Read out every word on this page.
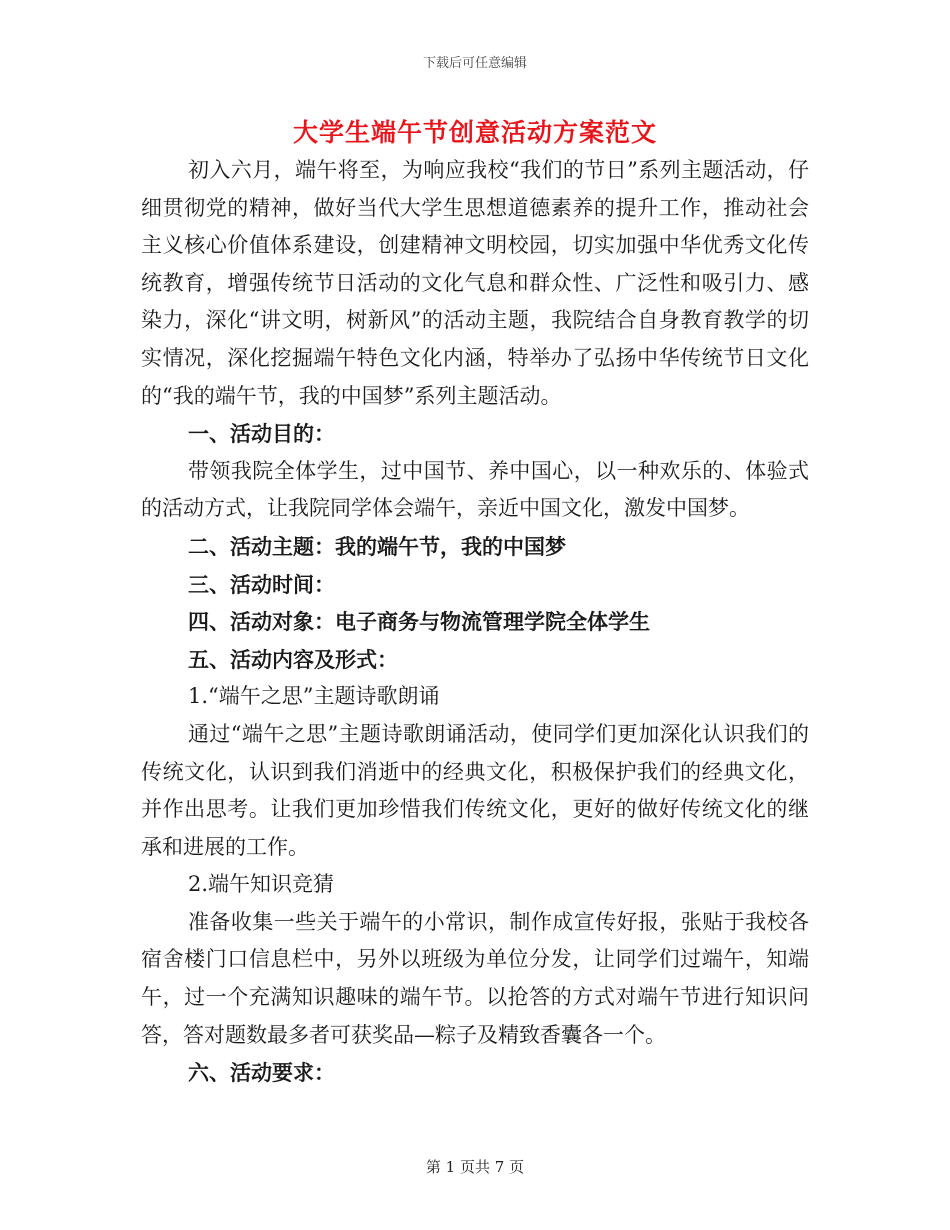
下载后可任意编辑
大学生端午节创意活动方案范文

初入六月，端午将至，为响应我校“我们的节日”系列主题活动，仔细贯彻党的精神，做好当代大学生思想道德素养的提升工作，推动社会主义核心价值体系建设，创建精神文明校园，切实加强中华优秀文化传统教育，增强传统节日活动的文化气息和群众性、广泛性和吸引力、感染力，深化“讲文明，树新风”的活动主题，我院结合自身教育教学的切实情况，深化挖掘端午特色文化内涵，特举办了弘扬中华传统节日文化的“我的端午节，我的中国梦”系列主题活动。

一、活动目的：

带领我院全体学生，过中国节、养中国心，以一种欢乐的、体验式的活动方式，让我院同学体会端午，亲近中国文化，激发中国梦。

二、活动主题：我的端午节，我的中国梦

三、活动时间：

四、活动对象：电子商务与物流管理学院全体学生

五、活动内容及形式：

1.“端午之思”主题诗歌朗诵

通过“端午之思”主题诗歌朗诵活动，使同学们更加深化认识我们的传统文化，认识到我们消逝中的经典文化，积极保护我们的经典文化，并作出思考。让我们更加珍惜我们传统文化，更好的做好传统文化的继承和进展的工作。

2.端午知识竞猜

准备收集一些关于端午的小常识，制作成宣传好报，张贴于我校各宿舍楼门口信息栏中，另外以班级为单位分发，让同学们过端午，知端午，过一个充满知识趣味的端午节。以抢答的方式对端午节进行知识问答，答对题数最多者可获奖品—粽子及精致香囊各一个。

六、活动要求：

第 1 页共 7 页
